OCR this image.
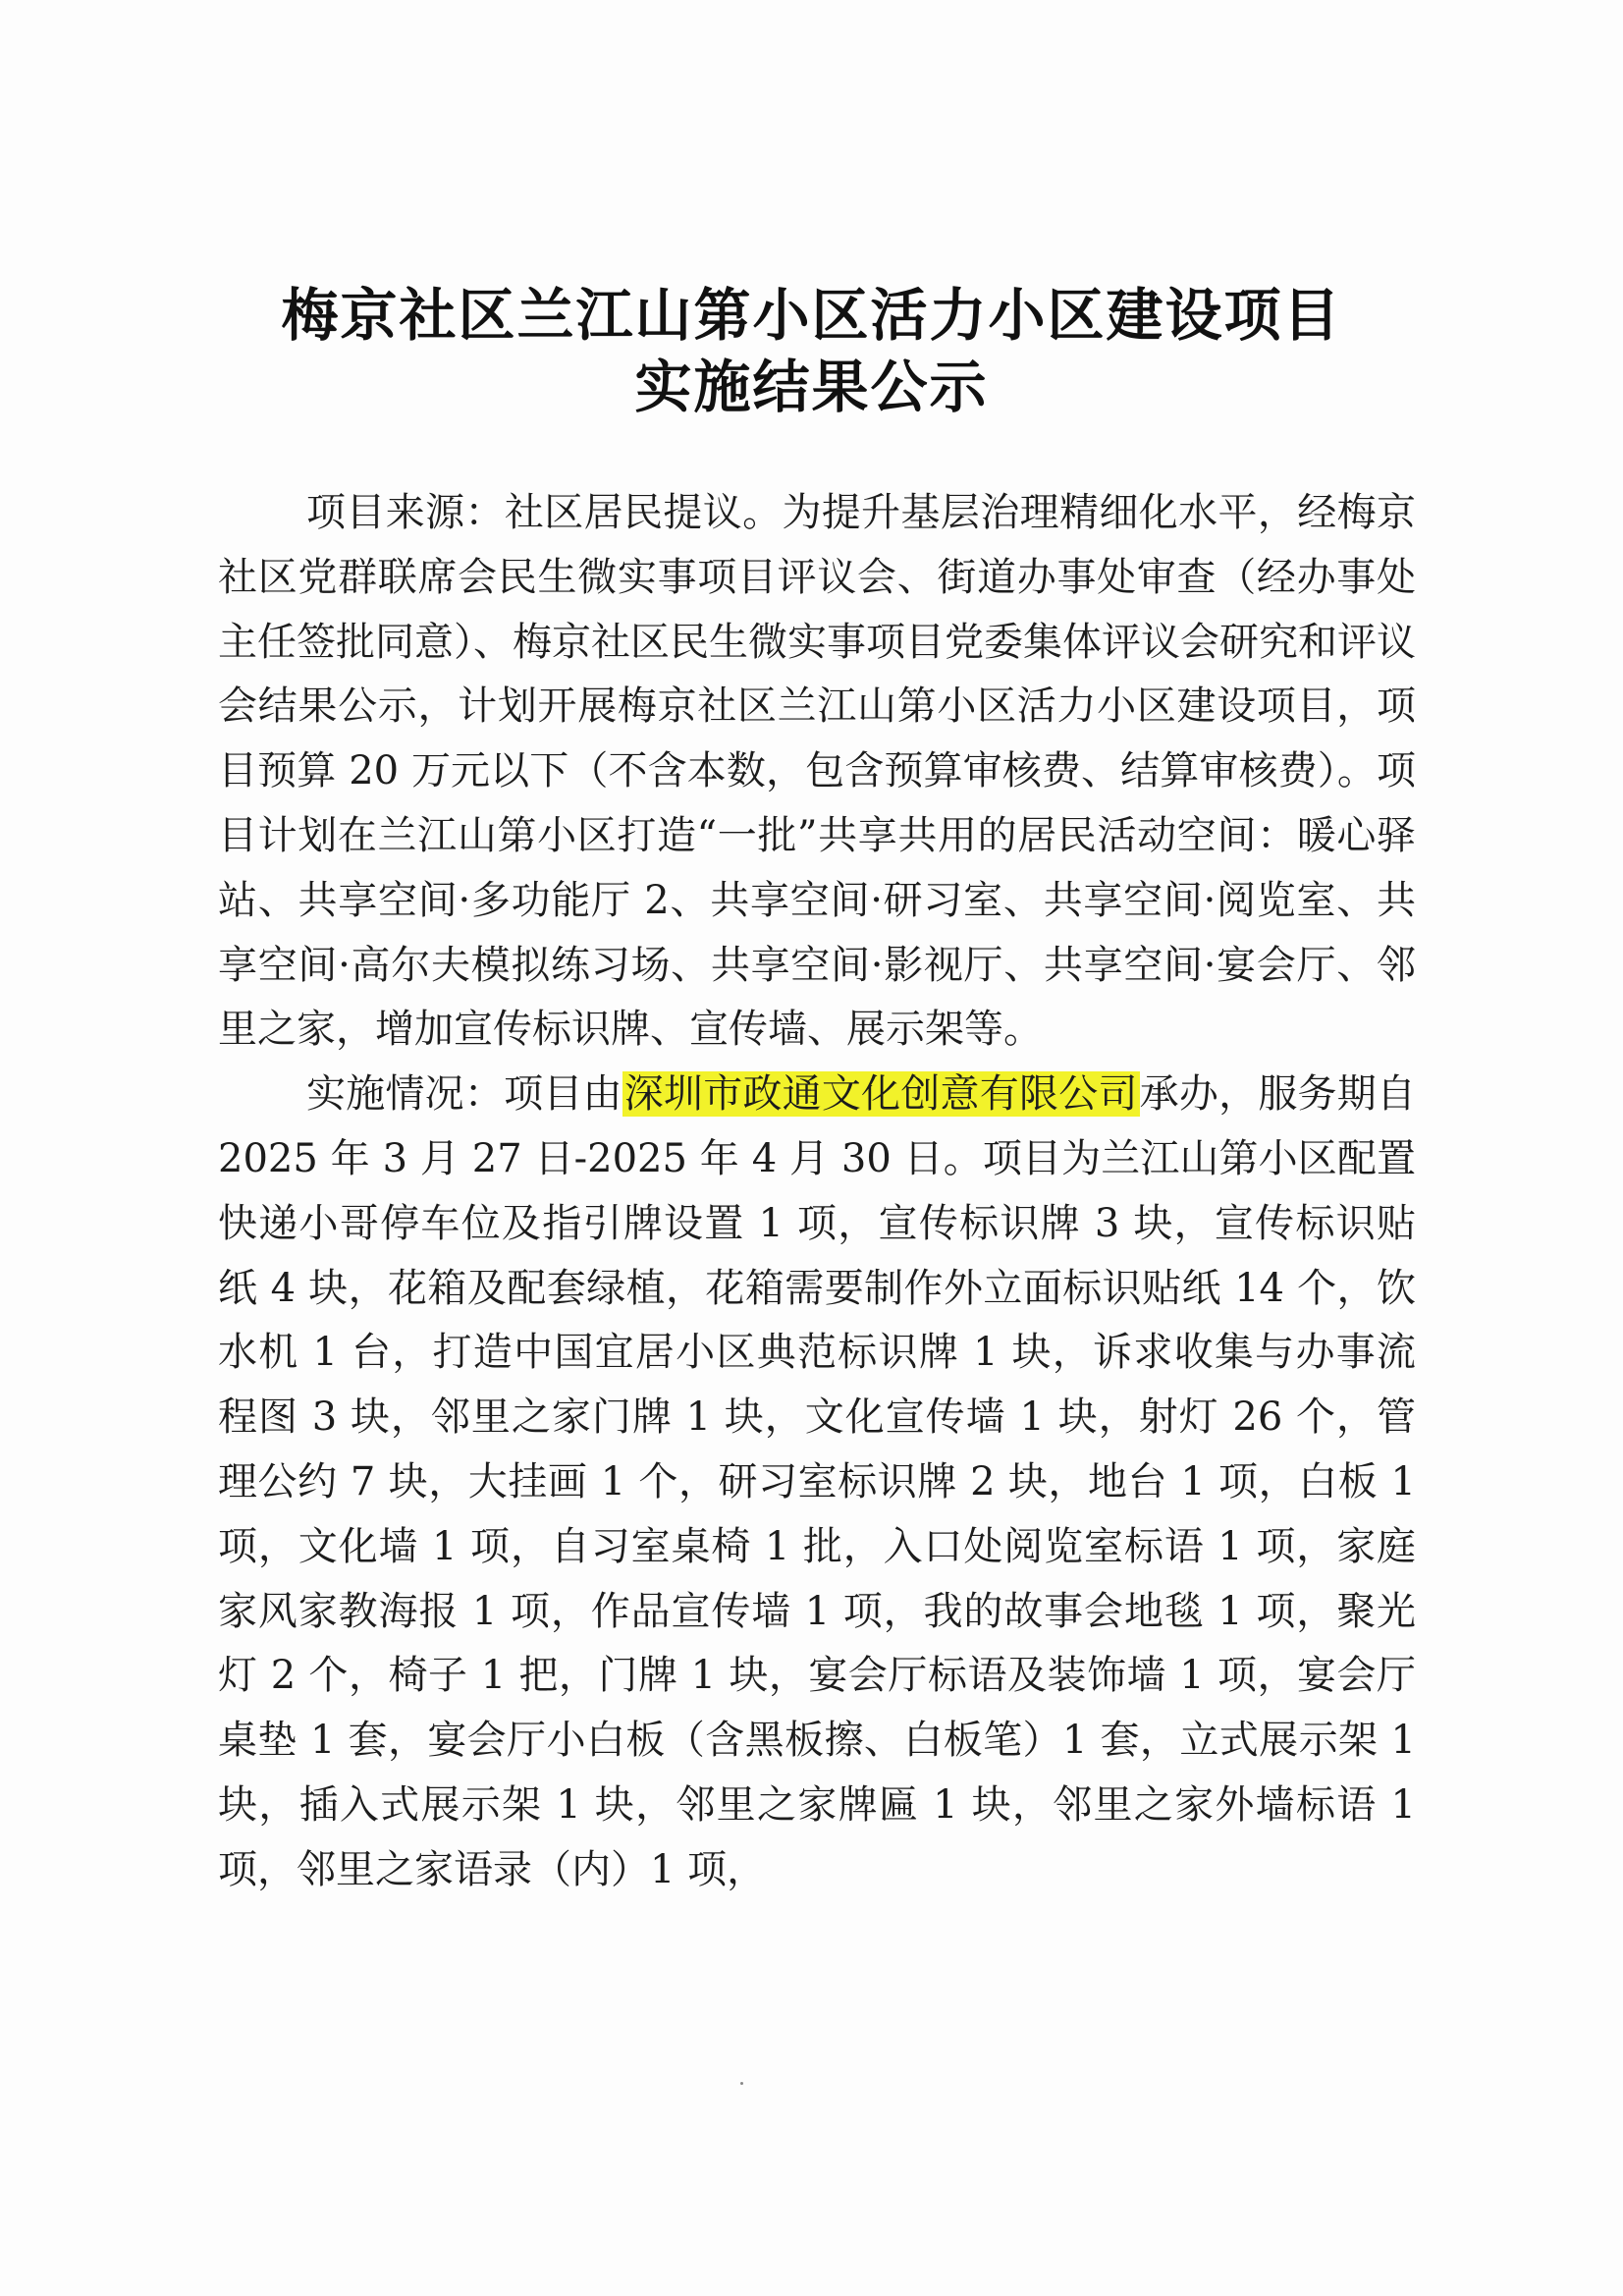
梅京社区兰江山第小区活力小区建设项目
实施结果公示

项目来源：社区居民提议。为提升基层治理精细化水平，经梅京社区党群联席会民生微实事项目评议会、街道办事处审查（经办事处主任签批同意）、梅京社区民生微实事项目党委集体评议会研究和评议会结果公示，计划开展梅京社区兰江山第小区活力小区建设项目，项目预算 20 万元以下（不含本数，包含预算审核费、结算审核费）。项目计划在兰江山第小区打造“一批”共享共用的居民活动空间：暖心驿站、共享空间·多功能厅 2、共享空间·研习室、共享空间·阅览室、共享空间·高尔夫模拟练习场、共享空间·影视厅、共享空间·宴会厅、邻里之家，增加宣传标识牌、宣传墙、展示架等。

实施情况：项目由深圳市政通文化创意有限公司承办，服务期自 2025 年 3 月 27 日-2025 年 4 月 30 日。项目为兰江山第小区配置快递小哥停车位及指引牌设置 1 项，宣传标识牌 3 块，宣传标识贴纸 4 块，花箱及配套绿植，花箱需要制作外立面标识贴纸 14 个，饮水机 1 台，打造中国宜居小区典范标识牌 1 块，诉求收集与办事流程图 3 块，邻里之家门牌 1 块，文化宣传墙 1 块，射灯 26 个，管理公约 7 块，大挂画 1 个，研习室标识牌 2 块，地台 1 项，白板 1 项，文化墙 1 项，自习室桌椅 1 批，入口处阅览室标语 1 项，家庭家风家教海报 1 项，作品宣传墙 1 项，我的故事会地毯 1 项，聚光灯 2 个，椅子 1 把，门牌 1 块，宴会厅标语及装饰墙 1 项，宴会厅桌垫 1 套，宴会厅小白板（含黑板擦、白板笔）1 套，立式展示架 1 块，插入式展示架 1 块，邻里之家牌匾 1 块，邻里之家外墙标语 1 项，邻里之家语录（内）1 项，
